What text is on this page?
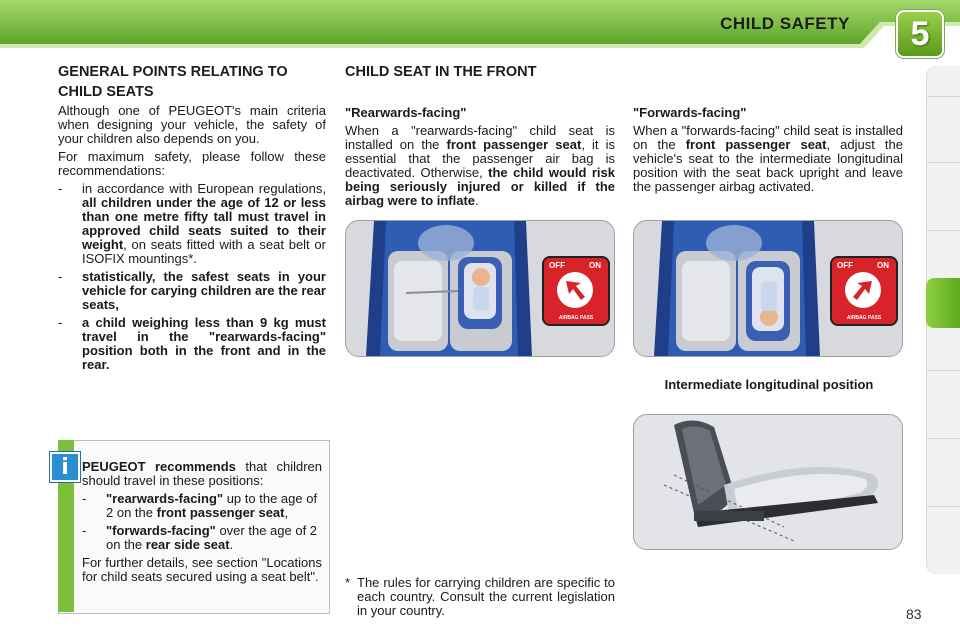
CHILD SAFETY	5
GENERAL POINTS RELATING TO CHILD SEATS

Although one of PEUGEOT's main criteria when designing your vehicle, the safety of your children also depends on you.

For maximum safety, please follow these recommendations:

- in accordance with European regulations, all children under the age of 12 or less than one metre fifty tall must travel in approved child seats suited to their weight, on seats fitted with a seat belt or ISOFIX mountings*.
- statistically, the safest seats in your vehicle for carying children are the rear seats,
- a child weighing less than 9 kg must travel in the "rearwards-facing" position both in the front and in the rear.
i	PEUGEOT recommends that children should travel in these positions:

- "rearwards-facing" up to the age of 2 on the front passenger seat,
- "forwards-facing" over the age of 2 on the rear side seat.

For further details, see section "Locations for child seats secured using a seat belt".

CHILD SEAT IN THE FRONT

"Rearwards-facing"

When a "rearwards-facing" child seat is installed on the front passenger seat, it is essential that the passenger air bag is deactivated. Otherwise, the child would risk being seriously injured or killed if the airbag were to inflate.

"Forwards-facing"

When a "forwards-facing" child seat is installed on the front passenger seat, adjust the vehicle's seat to the intermediate longitudinal position with the seat back upright and leave the passenger airbag activated.

OFF	ON
AIRBAG PASS
OFF	ON
AIRBAG PASS
Intermediate longitudinal position
* The rules for carrying children are specific to each country. Consult the current legislation in your country.	83
